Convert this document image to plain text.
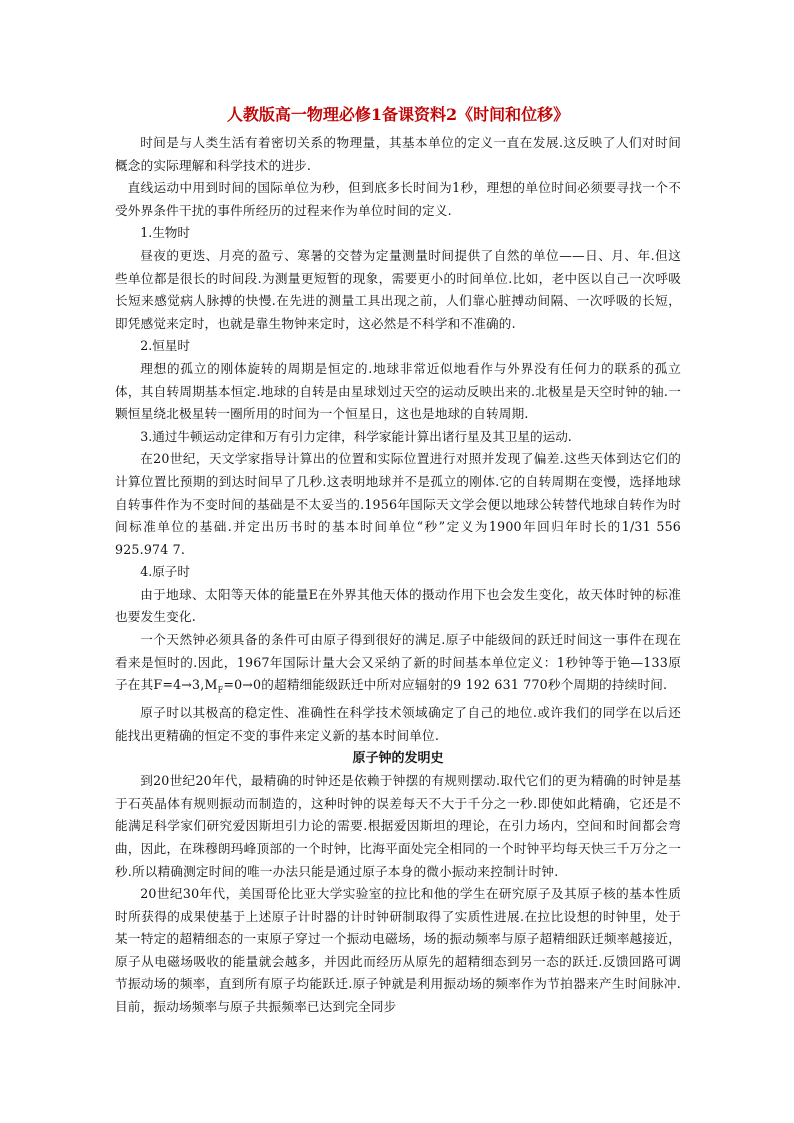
人教版高一物理必修1备课资料2《时间和位移》

时间是与人类生活有着密切关系的物理量，其基本单位的定义一直在发展.这反映了人们对时间概念的实际理解和科学技术的进步.

直线运动中用到时间的国际单位为秒，但到底多长时间为1秒，理想的单位时间必须要寻找一个不受外界条件干扰的事件所经历的过程来作为单位时间的定义.

1.生物时

昼夜的更迭、月亮的盈亏、寒暑的交替为定量测量时间提供了自然的单位——日、月、年.但这些单位都是很长的时间段.为测量更短暂的现象，需要更小的时间单位.比如，老中医以自己一次呼吸长短来感觉病人脉搏的快慢.在先进的测量工具出现之前，人们靠心脏搏动间隔、一次呼吸的长短，即凭感觉来定时，也就是靠生物钟来定时，这必然是不科学和不准确的.

2.恒星时

理想的孤立的刚体旋转的周期是恒定的.地球非常近似地看作与外界没有任何力的联系的孤立体，其自转周期基本恒定.地球的自转是由星球划过天空的运动反映出来的.北极星是天空时钟的轴.一颗恒星绕北极星转一圈所用的时间为一个恒星日，这也是地球的自转周期.

3.通过牛顿运动定律和万有引力定律，科学家能计算出诸行星及其卫星的运动.

在20世纪，天文学家指导计算出的位置和实际位置进行对照并发现了偏差.这些天体到达它们的计算位置比预期的到达时间早了几秒.这表明地球并不是孤立的刚体.它的自转周期在变慢，选择地球自转事件作为不变时间的基础是不太妥当的.1956年国际天文学会便以地球公转替代地球自转作为时间标准单位的基础.并定出历书时的基本时间单位“秒”定义为1900年回归年时长的1/31 556 925.974 7.

4.原子时

由于地球、太阳等天体的能量E在外界其他天体的摄动作用下也会发生变化，故天体时钟的标准也要发生变化.

一个天然钟必须具备的条件可由原子得到很好的满足.原子中能级间的跃迁时间这一事件在现在看来是恒时的.因此，1967年国际计量大会又采纳了新的时间基本单位定义：1秒钟等于铯—133原子在其$F=4\to 3,M_F=0\to 0$的超精细能级跃迁中所对应辐射的9 192 631 770秒个周期的持续时间.

原子时以其极高的稳定性、准确性在科学技术领域确定了自己的地位.或许我们的同学在以后还能找出更精确的恒定不变的事件来定义新的基本时间单位.

原子钟的发明史

到20世纪20年代，最精确的时钟还是依赖于钟摆的有规则摆动.取代它们的更为精确的时钟是基于石英晶体有规则振动而制造的，这种时钟的误差每天不大于千分之一秒.即使如此精确，它还是不能满足科学家们研究爱因斯坦引力论的需要.根据爱因斯坦的理论，在引力场内，空间和时间都会弯曲，因此，在珠穆朗玛峰顶部的一个时钟，比海平面处完全相同的一个时钟平均每天快三千万分之一秒.所以精确测定时间的唯一办法只能是通过原子本身的微小振动来控制计时钟.

20世纪30年代，美国哥伦比亚大学实验室的拉比和他的学生在研究原子及其原子核的基本性质时所获得的成果使基于上述原子计时器的计时钟研制取得了实质性进展.在拉比设想的时钟里，处于某一特定的超精细态的一束原子穿过一个振动电磁场，场的振动频率与原子超精细跃迁频率越接近，原子从电磁场吸收的能量就会越多，并因此而经历从原先的超精细态到另一态的跃迁.反馈回路可调节振动场的频率，直到所有原子均能跃迁.原子钟就是利用振动场的频率作为节拍器来产生时间脉冲.目前，振动场频率与原子共振频率已达到完全同步
